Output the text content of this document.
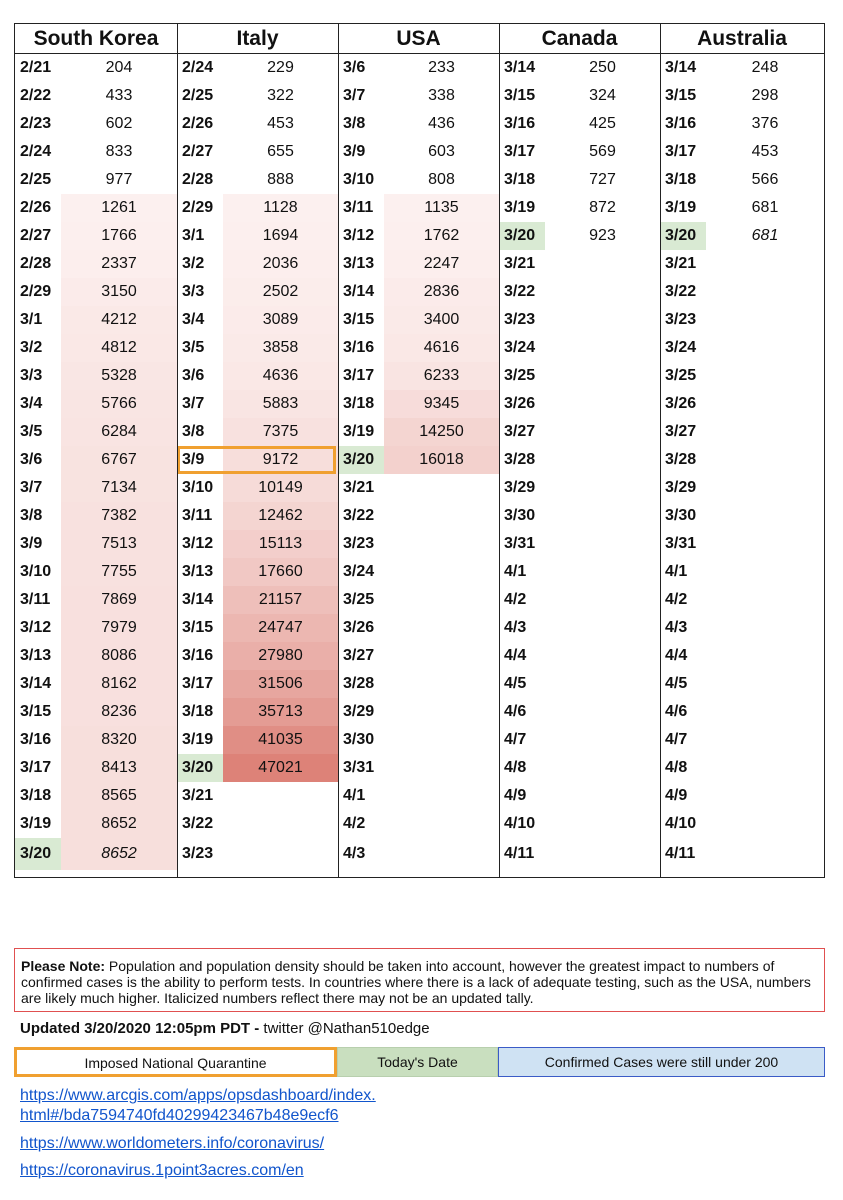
South Korea
2/21	204
2/22	433
2/23	602
2/24	833
2/25	977
2/26	1261
2/27	1766
2/28	2337
2/29	3150
3/1	4212
3/2	4812
3/3	5328
3/4	5766
3/5	6284
3/6	6767
3/7	7134
3/8	7382
3/9	7513
3/10	7755
3/11	7869
3/12	7979
3/13	8086
3/14	8162
3/15	8236
3/16	8320
3/17	8413
3/18	8565
3/19	8652
3/20	8652
Italy
2/24	229
2/25	322
2/26	453
2/27	655
2/28	888
2/29	1128
3/1	1694
3/2	2036
3/3	2502
3/4	3089
3/5	3858
3/6	4636
3/7	5883
3/8	7375
3/9	9172
3/10	10149
3/11	12462
3/12	15113
3/13	17660
3/14	21157
3/15	24747
3/16	27980
3/17	31506
3/18	35713
3/19	41035
3/20	47021
3/21
3/22
3/23
USA
3/6	233
3/7	338
3/8	436
3/9	603
3/10	808
3/11	1135
3/12	1762
3/13	2247
3/14	2836
3/15	3400
3/16	4616
3/17	6233
3/18	9345
3/19	14250
3/20	16018
3/21
3/22
3/23
3/24
3/25
3/26
3/27
3/28
3/29
3/30
3/31
4/1
4/2
4/3
Canada
3/14	250
3/15	324
3/16	425
3/17	569
3/18	727
3/19	872
3/20	923
3/21
3/22
3/23
3/24
3/25
3/26
3/27
3/28
3/29
3/30
3/31
4/1
4/2
4/3
4/4
4/5
4/6
4/7
4/8
4/9
4/10
4/11
Australia
3/14	248
3/15	298
3/16	376
3/17	453
3/18	566
3/19	681
3/20	681
3/21
3/22
3/23
3/24
3/25
3/26
3/27
3/28
3/29
3/30
3/31
4/1
4/2
4/3
4/4
4/5
4/6
4/7
4/8
4/9
4/10
4/11
Please Note: Population and population density should be taken into account, however the greatest impact to numbers of confirmed cases is the ability to perform tests. In countries where there is a lack of adequate testing, such as the USA, numbers are likely much higher. Italicized numbers reflect there may not be an updated tally.
Updated 3/20/2020 12:05pm PDT - twitter @Nathan510edge
Imposed National Quarantine	Today's Date	Confirmed Cases were still under 200
https://www.arcgis.com/apps/opsdashboard/index.
html#/bda7594740fd40299423467b48e9ecf6
https://www.worldometers.info/coronavirus/
https://coronavirus.1point3acres.com/en
